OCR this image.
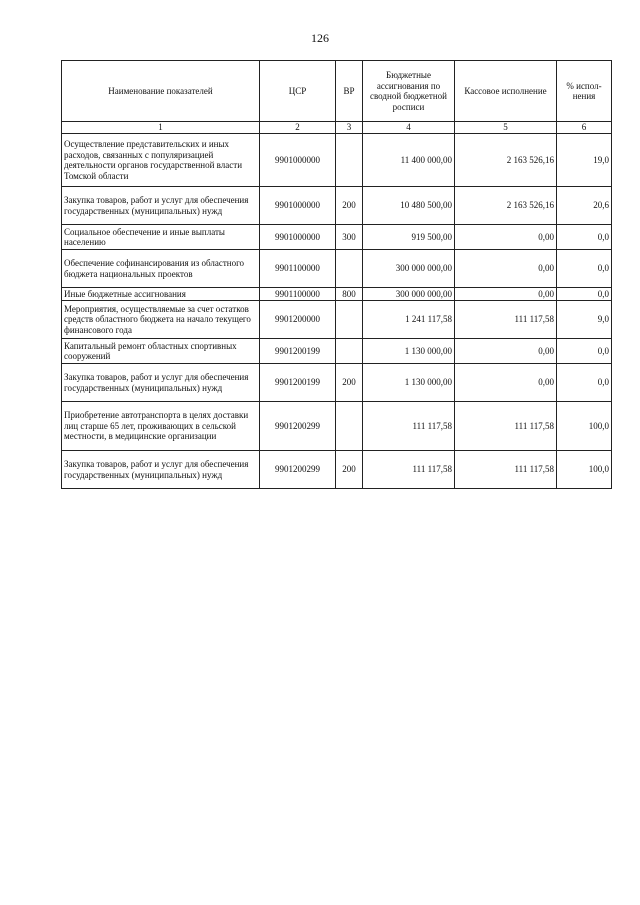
126
Наименование показателей	ЦСР	ВР	Бюджетные ассигнования по сводной бюджетной росписи	Кассовое исполнение	% испол-нения
1	2	3	4	5	6
Осуществление представительских и иных расходов, связанных с популяризацией деятельности органов государственной власти Томской области	9901000000		11 400 000,00	2 163 526,16	19,0
Закупка товаров, работ и услуг для обеспечения государственных (муниципальных) нужд	9901000000	200	10 480 500,00	2 163 526,16	20,6
Социальное обеспечение и иные выплаты населению	9901000000	300	919 500,00	0,00	0,0
Обеспечение софинансирования из областного бюджета национальных проектов	9901100000		300 000 000,00	0,00	0,0
Иные бюджетные ассигнования	9901100000	800	300 000 000,00	0,00	0,0
Мероприятия, осуществляемые за счет остатков средств областного бюджета на начало текущего финансового года	9901200000		1 241 117,58	111 117,58	9,0
Капитальный ремонт областных спортивных сооружений	9901200199		1 130 000,00	0,00	0,0
Закупка товаров, работ и услуг для обеспечения государственных (муниципальных) нужд	9901200199	200	1 130 000,00	0,00	0,0
Приобретение автотранспорта в целях доставки лиц старше 65 лет, проживающих в сельской местности, в медицинские организации	9901200299		111 117,58	111 117,58	100,0
Закупка товаров, работ и услуг для обеспечения государственных (муниципальных) нужд	9901200299	200	111 117,58	111 117,58	100,0
